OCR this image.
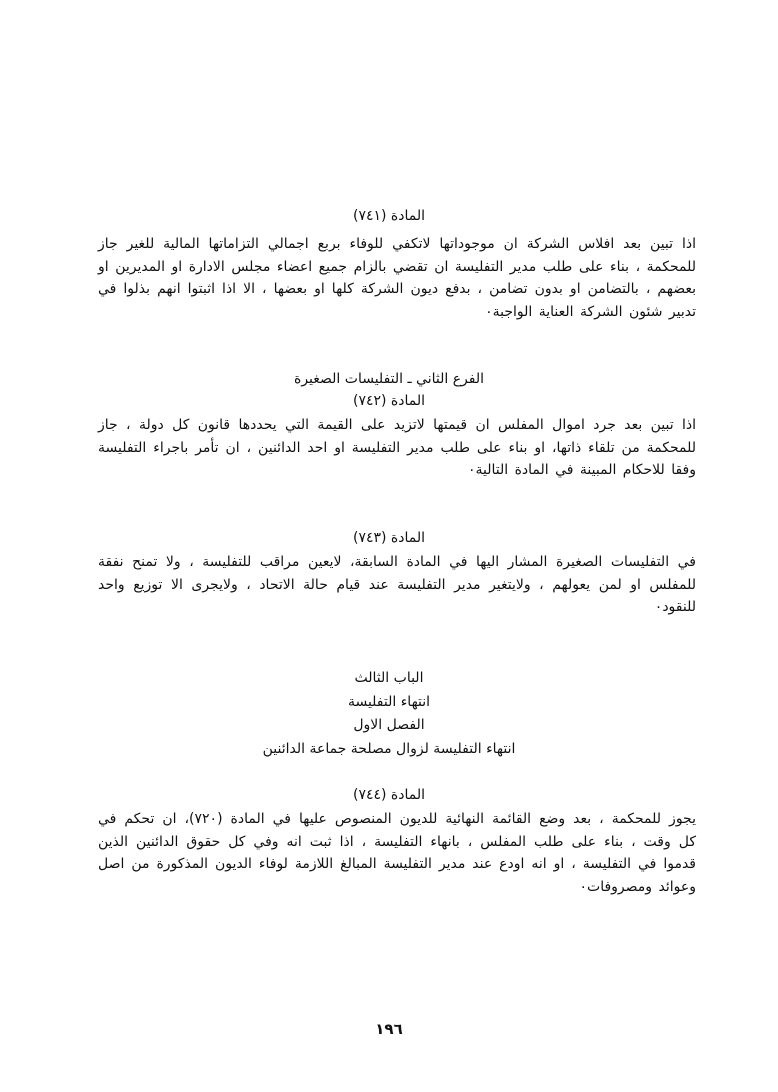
المادة (٧٤١)
اذا تبين بعد افلاس الشركة ان موجوداتها لاتكفي للوفاء بربع اجمالي التزاماتها المالية للغير جاز للمحكمة ، بناء على طلب مدير التفليسة ان تقضي بالزام جميع اعضاء مجلس الادارة او المديرين او بعضهم ، بالتضامن او بدون تضامن ، بدفع ديون الشركة كلها او بعضها ، الا اذا اثبتوا انهم بذلوا في تدبير شئون الشركة العناية الواجبة٠
الفرع الثاني ـ التفليسات الصغيرة
المادة (٧٤٢)
اذا تبين بعد جرد اموال المفلس ان قيمتها لاتزيد على القيمة التي يحددها قانون كل دولة ، جاز للمحكمة من تلقاء ذاتها، او بناء على طلب مدير التفليسة او احد الدائنين ، ان تأمر باجراء التفليسة وفقا للاحكام المبينة في المادة التالية٠
المادة (٧٤٣)
في التفليسات الصغيرة المشار اليها في المادة السابقة، لايعين مراقب للتفليسة ، ولا تمنح نفقة للمفلس او لمن يعولهم ، ولايتغير مدير التفليسة عند قيام حالة الاتحاد ، ولايجرى الا توزيع واحد للنقود٠
الباب الثالث
انتهاء التفليسة
الفصل الاول
انتهاء التفليسة لزوال مصلحة جماعة الدائنين
المادة (٧٤٤)
يجوز للمحكمة ، بعد وضع القائمة النهائية للديون المنصوص عليها في المادة (٧٢٠)، ان تحكم في كل وقت ، بناء على طلب المفلس ، بانهاء التفليسة ، اذا ثبت انه وفي كل حقوق الدائنين الذين قدموا في التفليسة ، او انه اودع عند مدير التفليسة المبالغ اللازمة لوفاء الديون المذكورة من اصل وعوائد ومصروفات٠
١٩٦
